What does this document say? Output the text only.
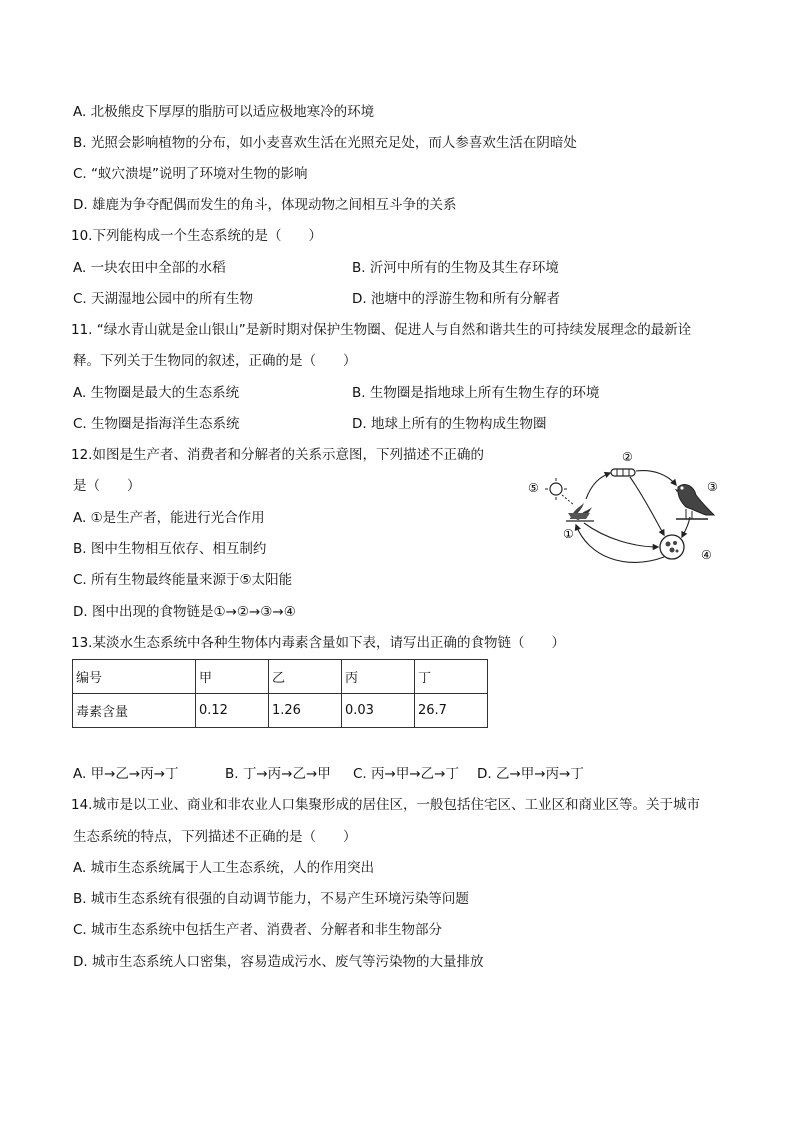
A. 北极熊皮下厚厚的脂肪可以适应极地寒冷的环境
B. 光照会影响植物的分布，如小麦喜欢生活在光照充足处，而人参喜欢生活在阴暗处
C. “蚁穴溃堤”说明了环境对生物的影响
D. 雄鹿为争夺配偶而发生的角斗，体现动物之间相互斗争的关系
10.下列能构成一个生态系统的是（　　）
A. 一块农田中全部的水稻	B. 沂河中所有的生物及其生存环境
C. 天湖湿地公园中的所有生物	D. 池塘中的浮游生物和所有分解者
11. “绿水青山就是金山银山”是新时期对保护生物圈、促进人与自然和谐共生的可持续发展理念的最新诠
释。下列关于生物同的叙述，正确的是（　　）
A. 生物圈是最大的生态系统	B. 生物圈是指地球上所有生物生存的环境
C. 生物圈是指海洋生态系统	D. 地球上所有的生物构成生物圈
12.如图是生产者、消费者和分解者的关系示意图，下列描述不正确的
是（　　）
A. ①是生产者，能进行光合作用
B. 图中生物相互依存、相互制约
C. 所有生物最终能量来源于⑤太阳能
D. 图中出现的食物链是①→②→③→④
⑤
①
②
③
④
13.某淡水生态系统中各种生物体内毒素含量如下表，请写出正确的食物链（　　）
编号	甲	乙	丙	丁
毒素含量	0.12	1.26	0.03	26.7
A. 甲→乙→丙→丁	B. 丁→丙→乙→甲 C. 丙→甲→乙→丁 D. 乙→甲→丙→丁
14.城市是以工业、商业和非农业人口集聚形成的居住区，一般包括住宅区、工业区和商业区等。关于城市
生态系统的特点，下列描述不正确的是（　　）
A. 城市生态系统属于人工生态系统，人的作用突出
B. 城市生态系统有很强的自动调节能力，不易产生环境污染等问题
C. 城市生态系统中包括生产者、消费者、分解者和非生物部分
D. 城市生态系统人口密集，容易造成污水、废气等污染物的大量排放
